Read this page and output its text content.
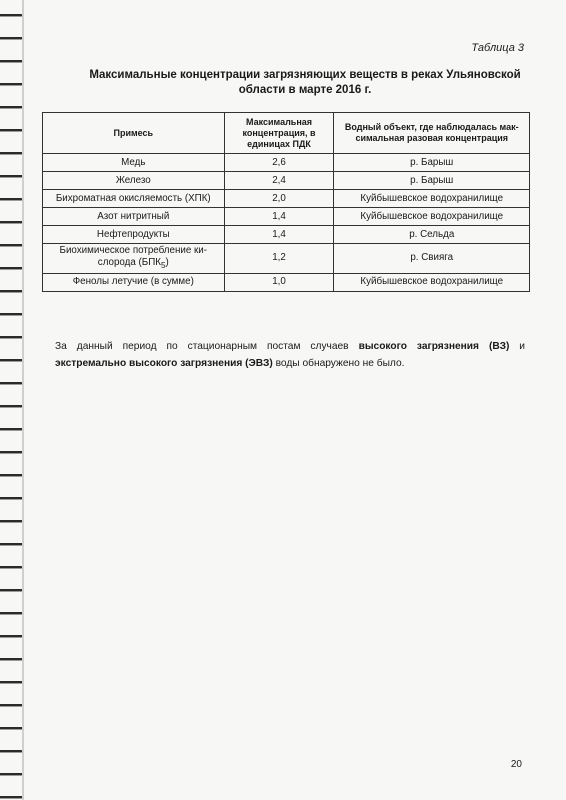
Таблица 3
Максимальные концентрации загрязняющих веществ в реках Ульяновской области в марте 2016 г.
Примесь	Максимальная концентрация, в единицах ПДК	Водный объект, где наблюдалась мак-симальная разовая концентрация
Медь	2,6	р. Барыш
Железо	2,4	р. Барыш
Бихроматная окисляемость (ХПК)	2,0	Куйбышевское водохранилище
Азот нитритный	1,4	Куйбышевское водохранилище
Нефтепродукты	1,4	р. Сельда
Биохимическое потребление ки-слорода $(БПК_5)$	1,2	р. Свияга
Фенолы летучие (в сумме)	1,0	Куйбышевское водохранилище

За данный период по стационарным постам случаев высокого загрязнения (ВЗ) и экстремально высокого загрязнения (ЭВЗ) воды обнаружено не было.

20
